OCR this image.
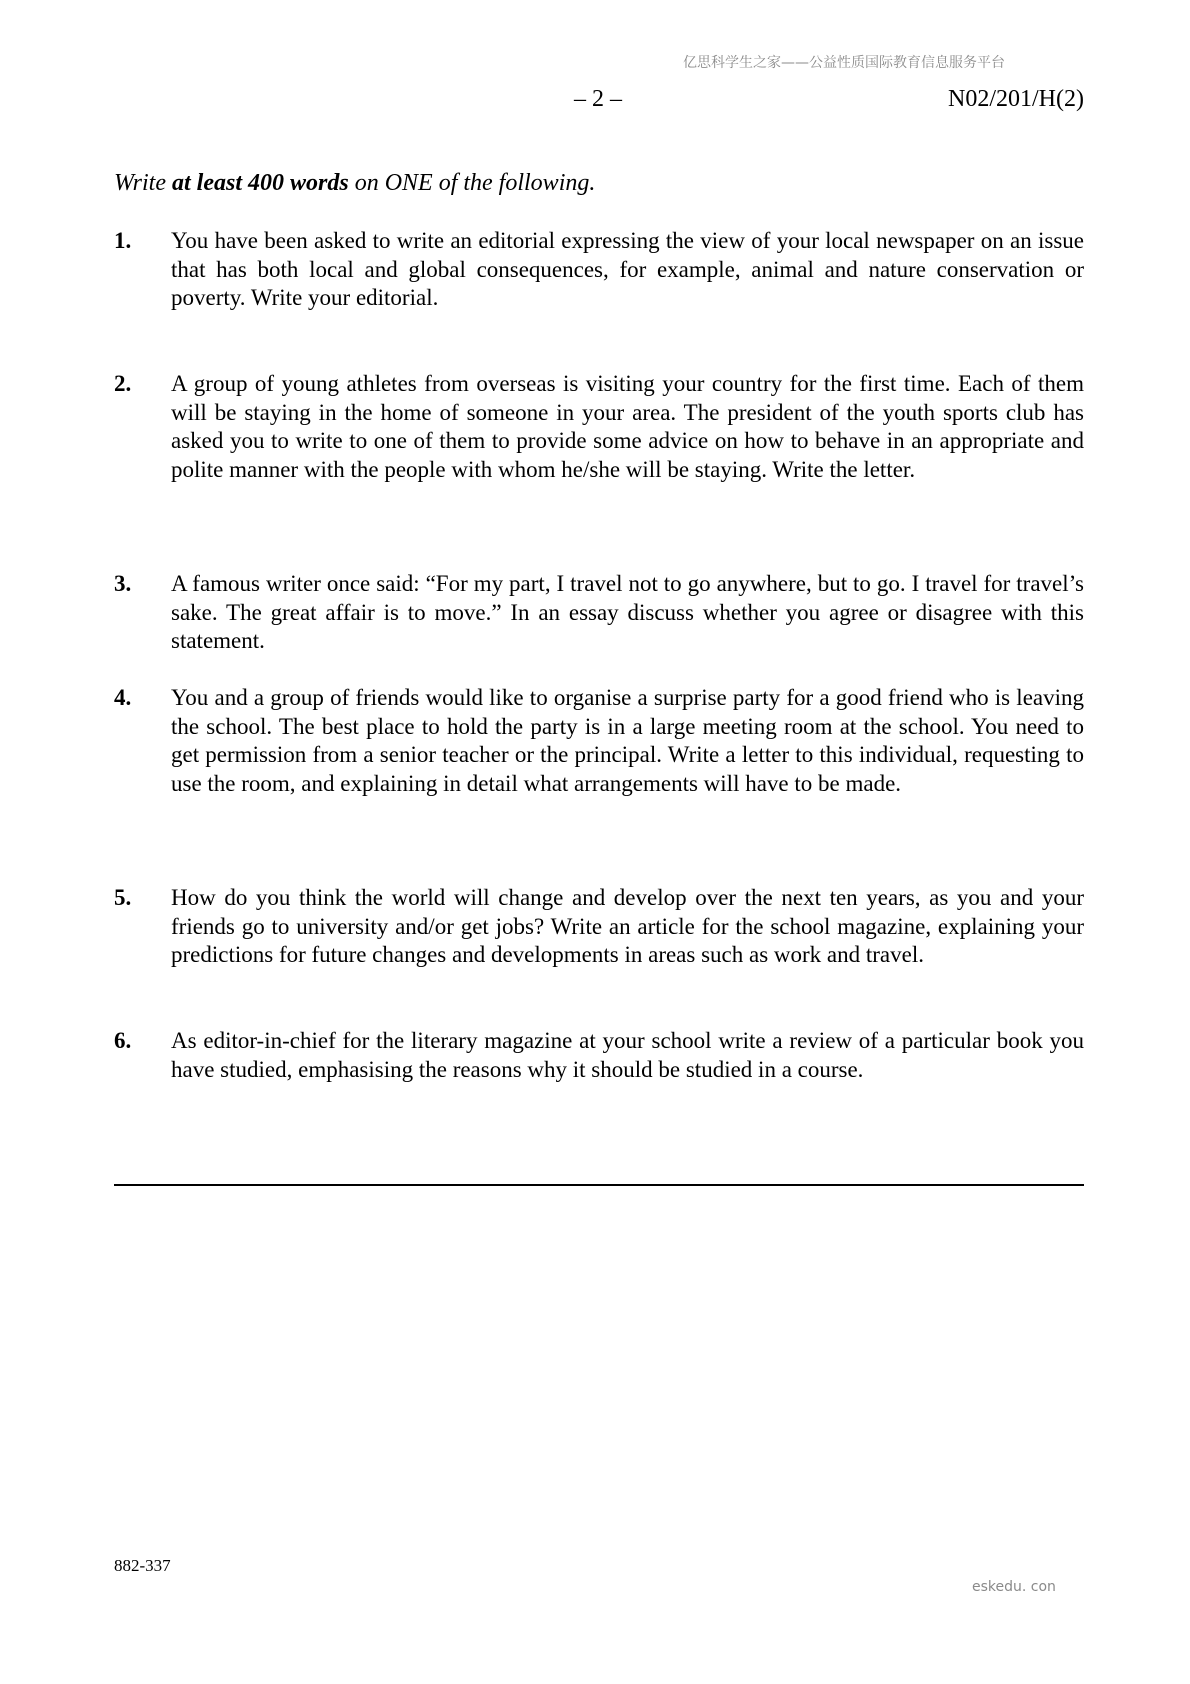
亿思科学生之家——公益性质国际教育信息服务平台
– 2 –	N02/201/H(2)
Write at least 400 words on ONE of the following.
1. You have been asked to write an editorial expressing the view of your local newspaper on an issue that has both local and global consequences, for example, animal and nature conservation or poverty. Write your editorial.
2. A group of young athletes from overseas is visiting your country for the first time. Each of them will be staying in the home of someone in your area. The president of the youth sports club has asked you to write to one of them to provide some advice on how to behave in an appropriate and polite manner with the people with whom he/she will be staying. Write the letter.
3. A famous writer once said: “For my part, I travel not to go anywhere, but to go. I travel for travel’s sake. The great affair is to move.” In an essay discuss whether you agree or disagree with this statement.
4. You and a group of friends would like to organise a surprise party for a good friend who is leaving the school. The best place to hold the party is in a large meeting room at the school. You need to get permission from a senior teacher or the principal. Write a letter to this individual, requesting to use the room, and explaining in detail what arrangements will have to be made.
5. How do you think the world will change and develop over the next ten years, as you and your friends go to university and/or get jobs? Write an article for the school magazine, explaining your predictions for future changes and developments in areas such as work and travel.
6. As editor-in-chief for the literary magazine at your school write a review of a particular book you have studied, emphasising the reasons why it should be studied in a course.
882-337
eskedu. con
